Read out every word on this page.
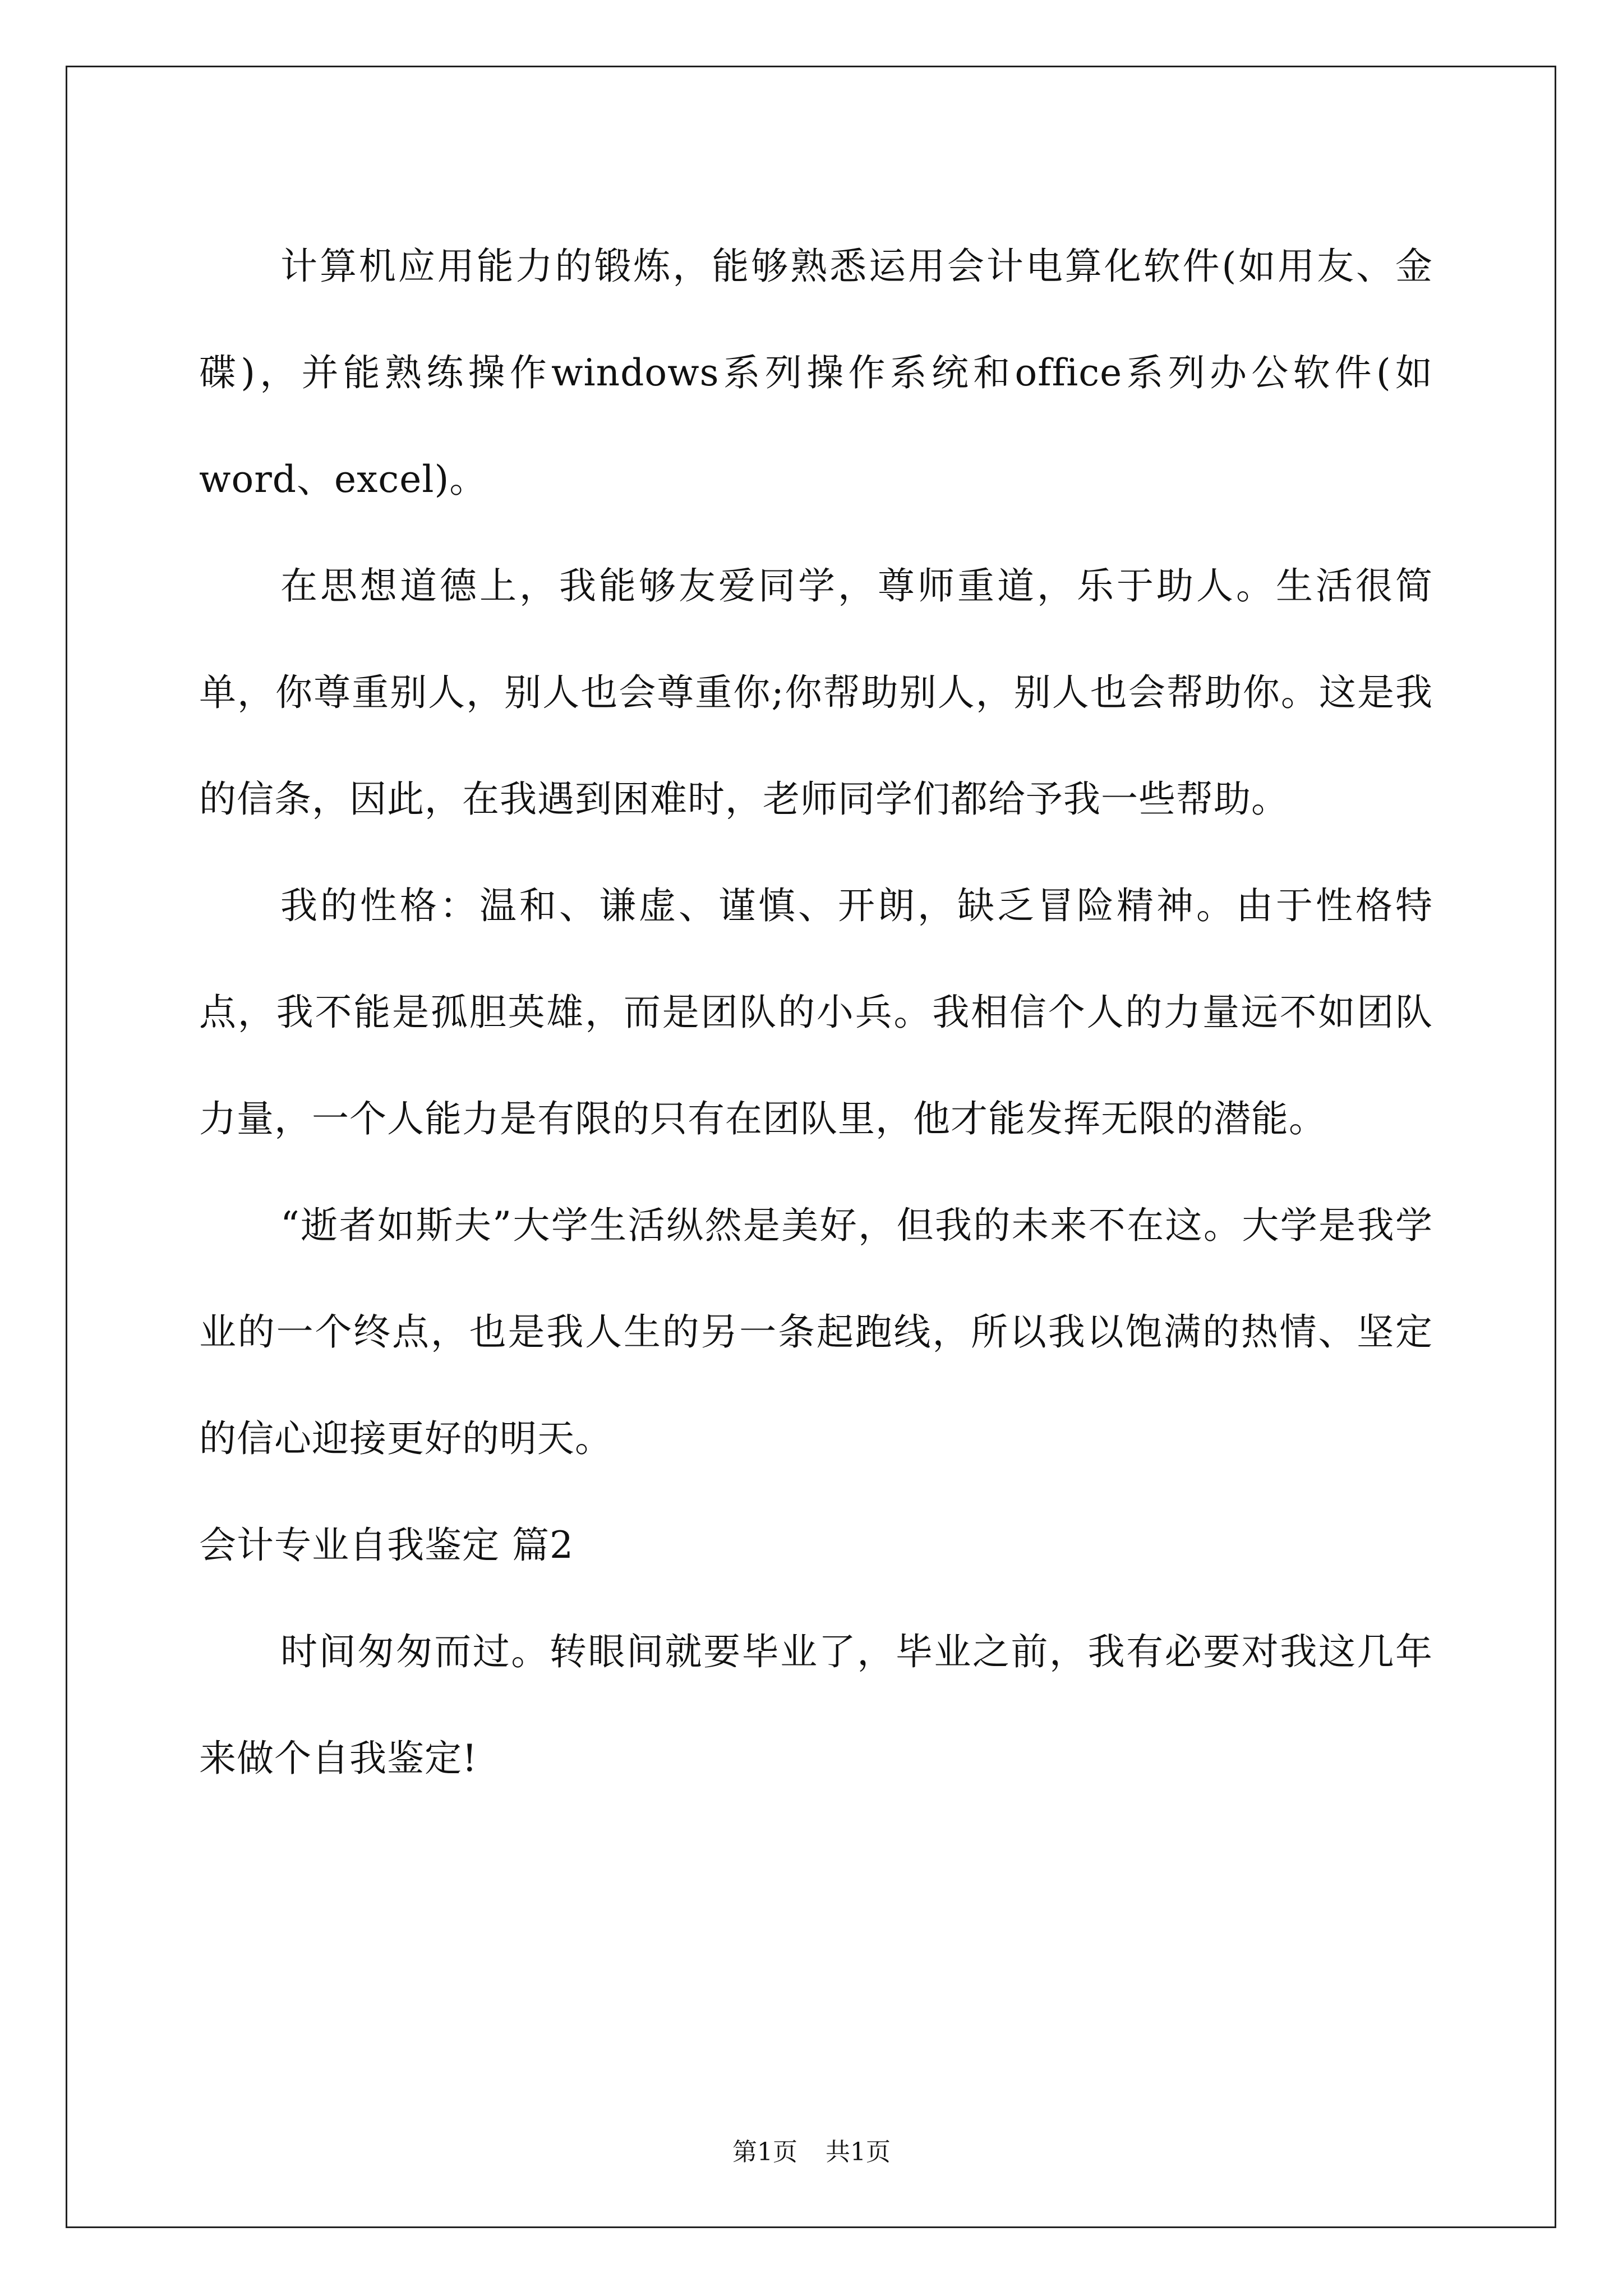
计算机应用能力的锻炼，能够熟悉运用会计电算化软件(如用友、金碟)，并能熟练操作windows系列操作系统和office系列办公软件(如word、excel)。

在思想道德上，我能够友爱同学，尊师重道，乐于助人。生活很简单，你尊重别人，别人也会尊重你;你帮助别人，别人也会帮助你。这是我的信条，因此，在我遇到困难时，老师同学们都给予我一些帮助。

我的性格：温和、谦虚、谨慎、开朗，缺乏冒险精神。由于性格特点，我不能是孤胆英雄，而是团队的小兵。我相信个人的力量远不如团队力量，一个人能力是有限的只有在团队里，他才能发挥无限的潜能。

“逝者如斯夫”大学生活纵然是美好，但我的未来不在这。大学是我学业的一个终点，也是我人生的另一条起跑线，所以我以饱满的热情、坚定的信心迎接更好的明天。

会计专业自我鉴定 篇2

时间匆匆而过。转眼间就要毕业了，毕业之前，我有必要对我这几年来做个自我鉴定!

第1页 共1页
